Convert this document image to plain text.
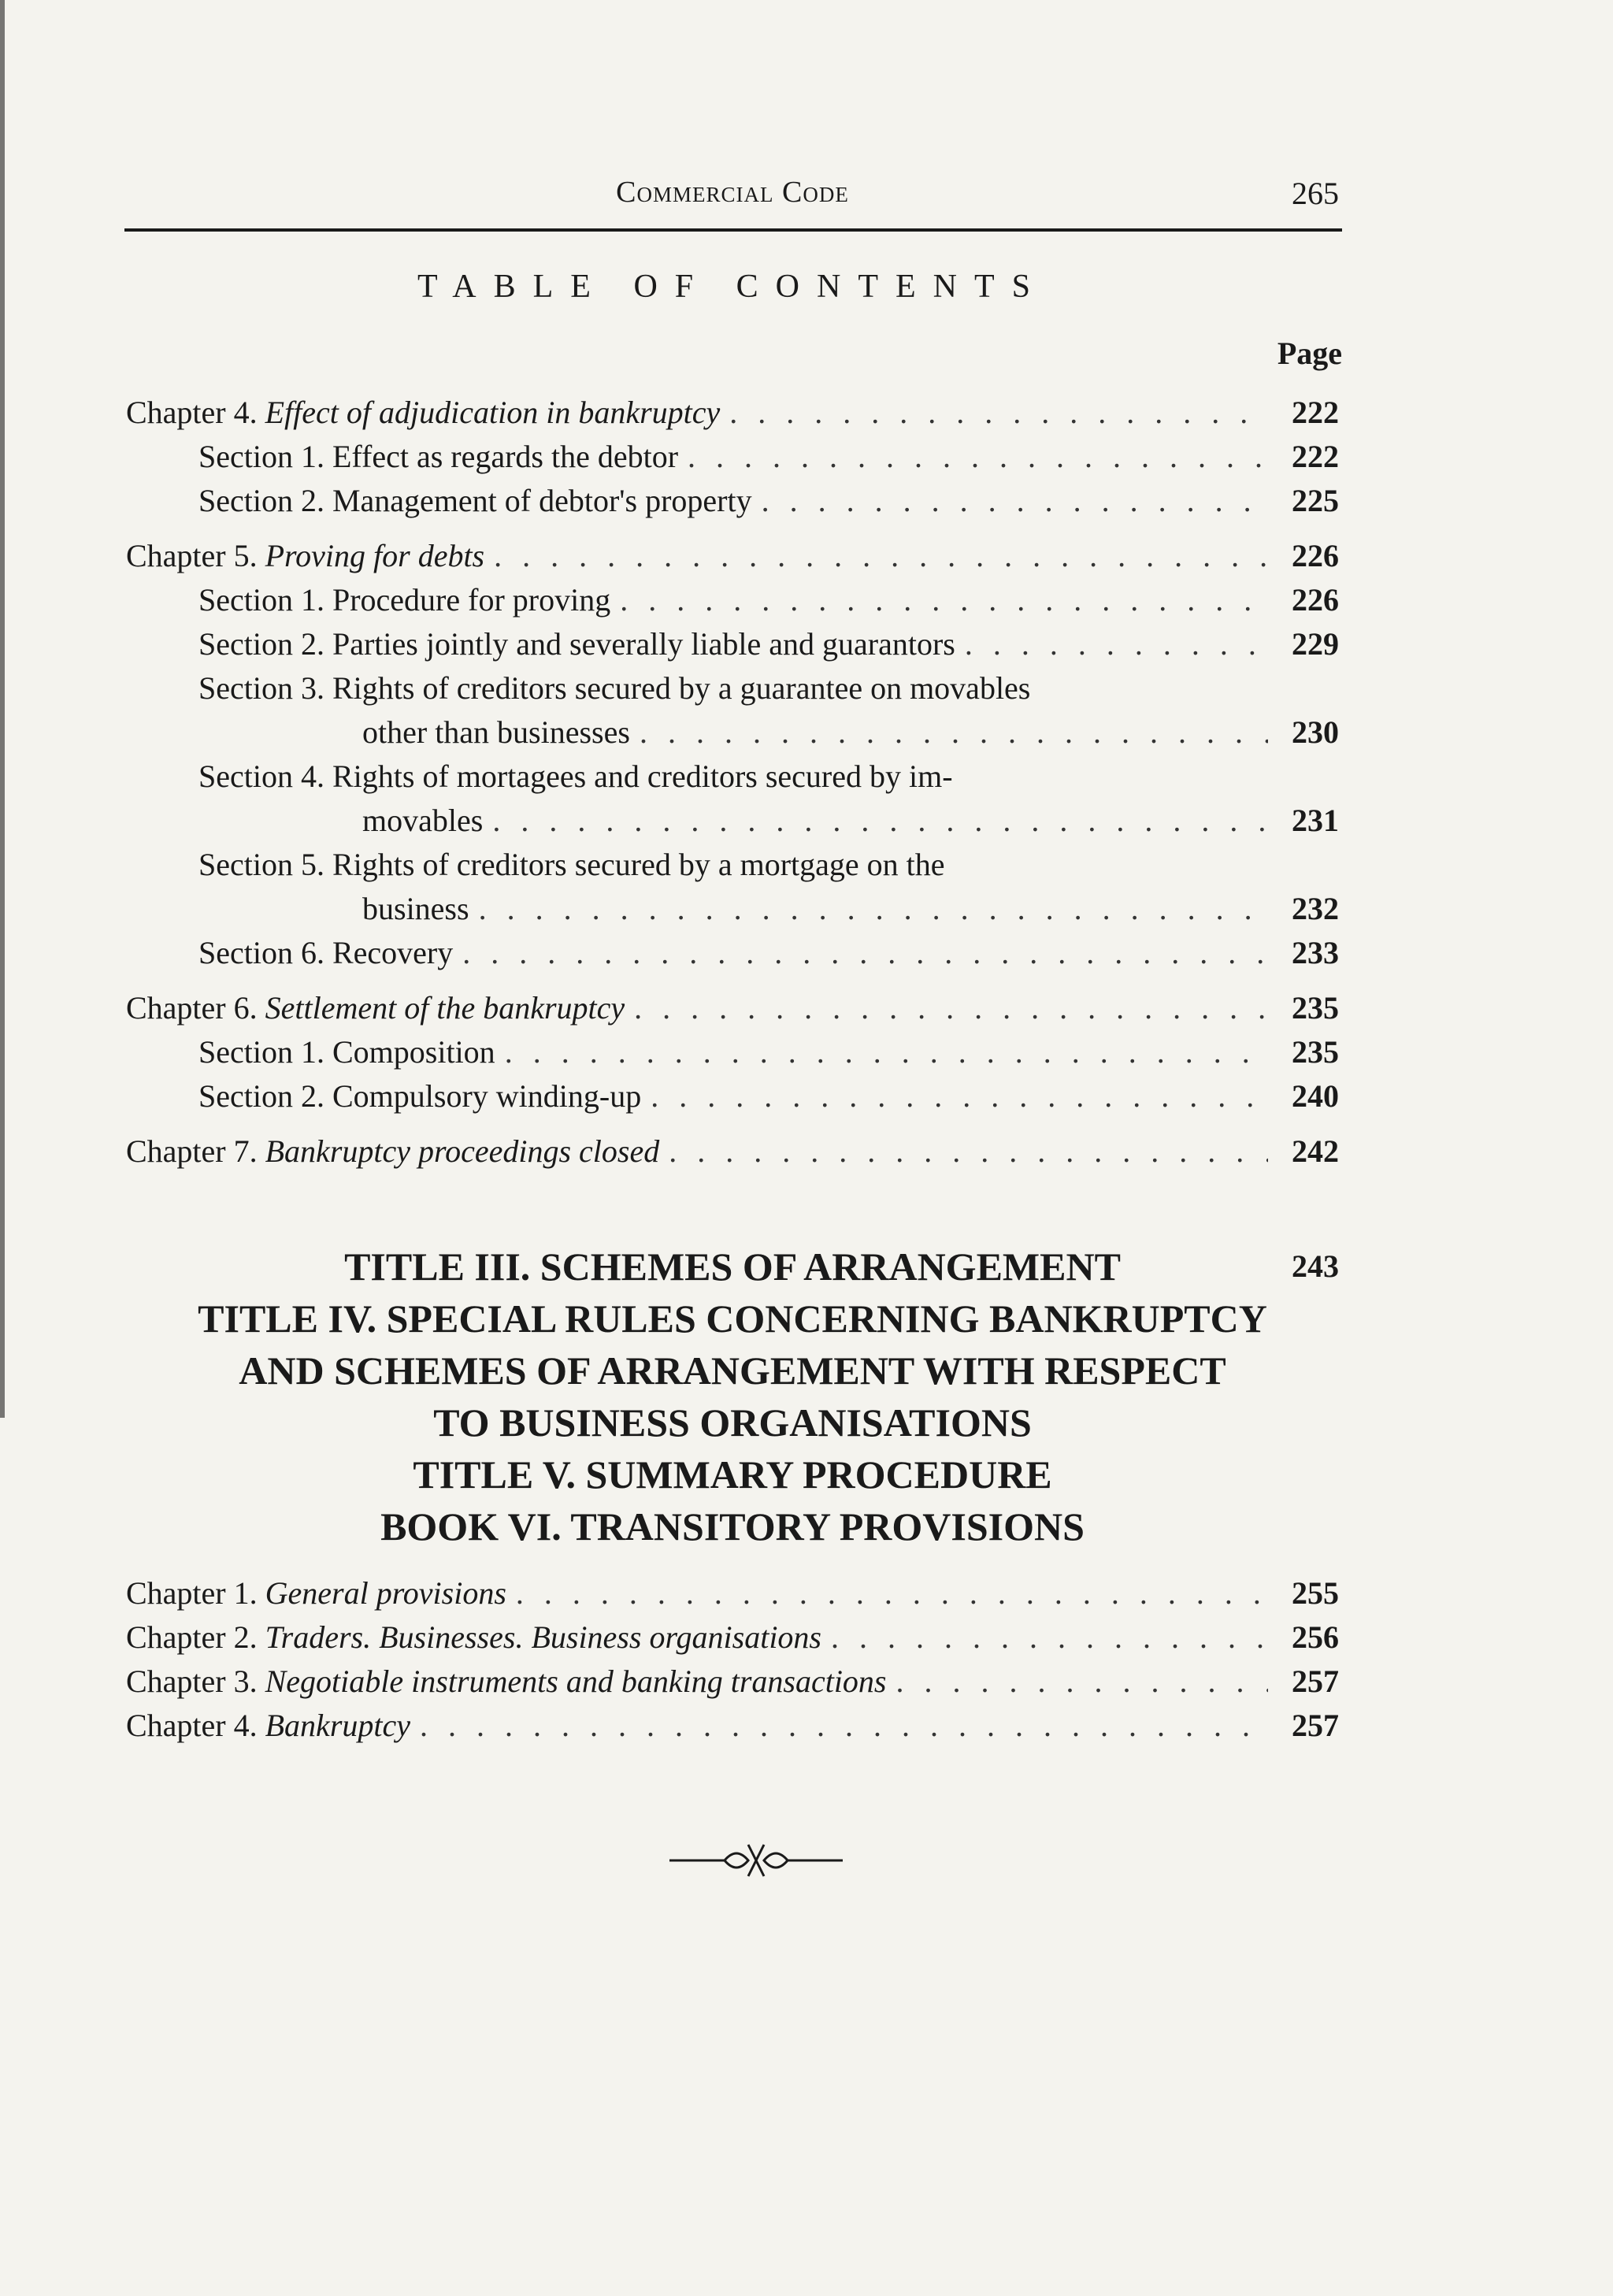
Commercial Code	265
TABLE OF CONTENTS
Page
Chapter 4. Effect of adjudication in bankruptcy . . .	222
Section 1. Effect as regards the debtor . . .	222
Section 2. Management of debtor's property . . .	225
Chapter 5. Proving for debts . . .	226
Section 1. Procedure for proving . . .	226
Section 2. Parties jointly and severally liable and guarantors . . .	229
Section 3. Rights of creditors secured by a guarantee on movables
other than businesses . . .	230
Section 4. Rights of mortagees and creditors secured by im-
movables . . .	231
Section 5. Rights of creditors secured by a mortgage on the
business . . .	232
Section 6. Recovery . . .	233
Chapter 6. Settlement of the bankruptcy . . .	235
Section 1. Composition . . .	235
Section 2. Compulsory winding-up . . .	240
Chapter 7. Bankruptcy proceedings closed . . .	242
TITLE III. SCHEMES OF ARRANGEMENT	243
TITLE IV. SPECIAL RULES CONCERNING BANKRUPTCY
AND SCHEMES OF ARRANGEMENT WITH RESPECT
TO BUSINESS ORGANISATIONS
TITLE V. SUMMARY PROCEDURE
BOOK VI. TRANSITORY PROVISIONS
Chapter 1. General provisions . . .	255
Chapter 2. Traders. Businesses. Business organisations . . .	256
Chapter 3. Negotiable instruments and banking transactions . . .	257
Chapter 4. Bankruptcy . . .	257
